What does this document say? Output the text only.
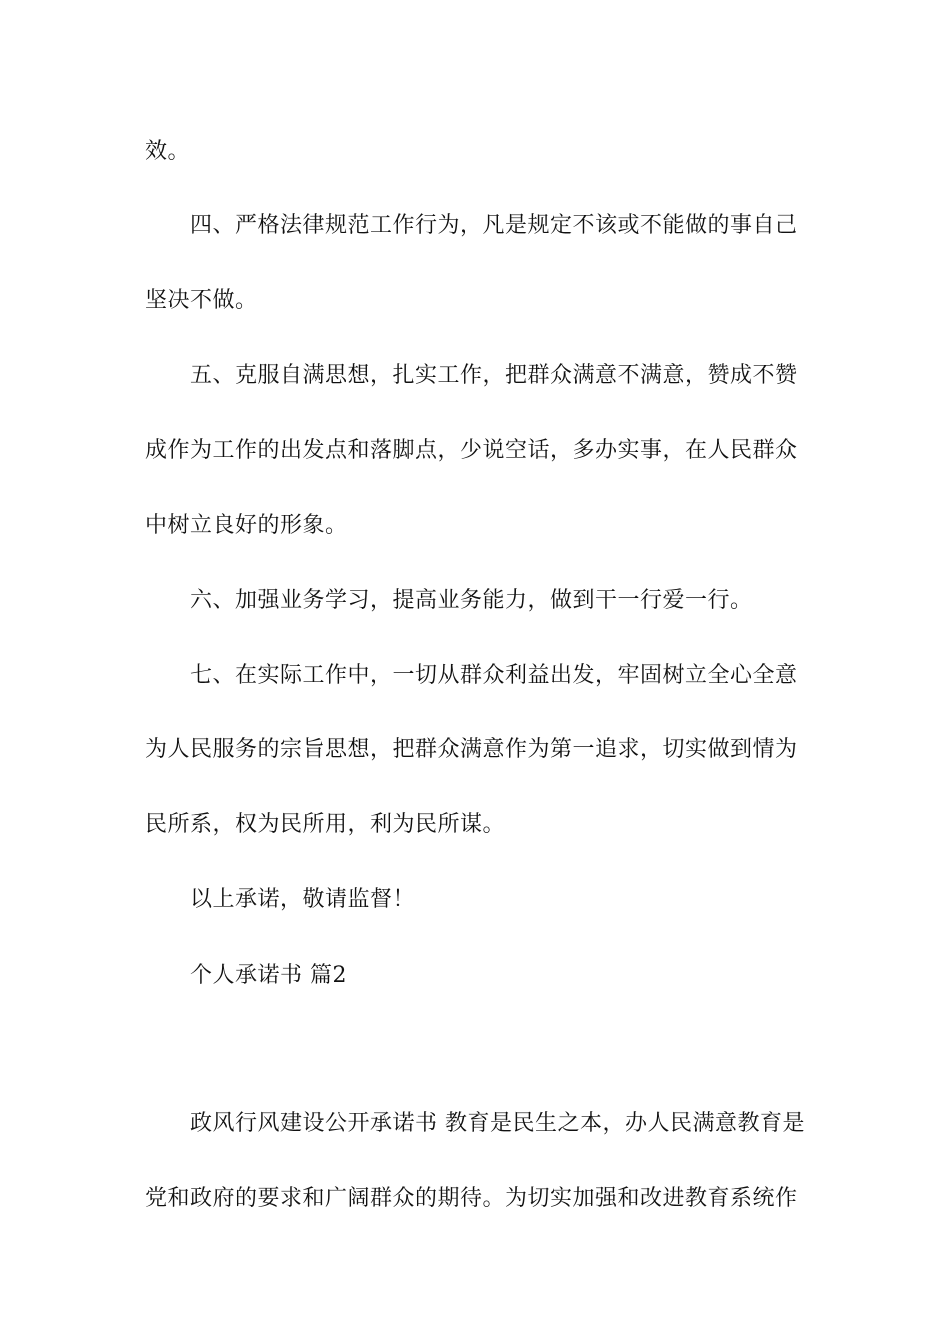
效。
四、严格法律规范工作行为，凡是规定不该或不能做的事自己
坚决不做。
五、克服自满思想，扎实工作，把群众满意不满意，赞成不赞
成作为工作的出发点和落脚点，少说空话，多办实事，在人民群众
中树立良好的形象。
六、加强业务学习，提高业务能力，做到干一行爱一行。
七、在实际工作中，一切从群众利益出发，牢固树立全心全意
为人民服务的宗旨思想，把群众满意作为第一追求，切实做到情为
民所系，权为民所用，利为民所谋。
以上承诺，敬请监督！
个人承诺书 篇2
政风行风建设公开承诺书 教育是民生之本，办人民满意教育是
党和政府的要求和广阔群众的期待。为切实加强和改进教育系统作
